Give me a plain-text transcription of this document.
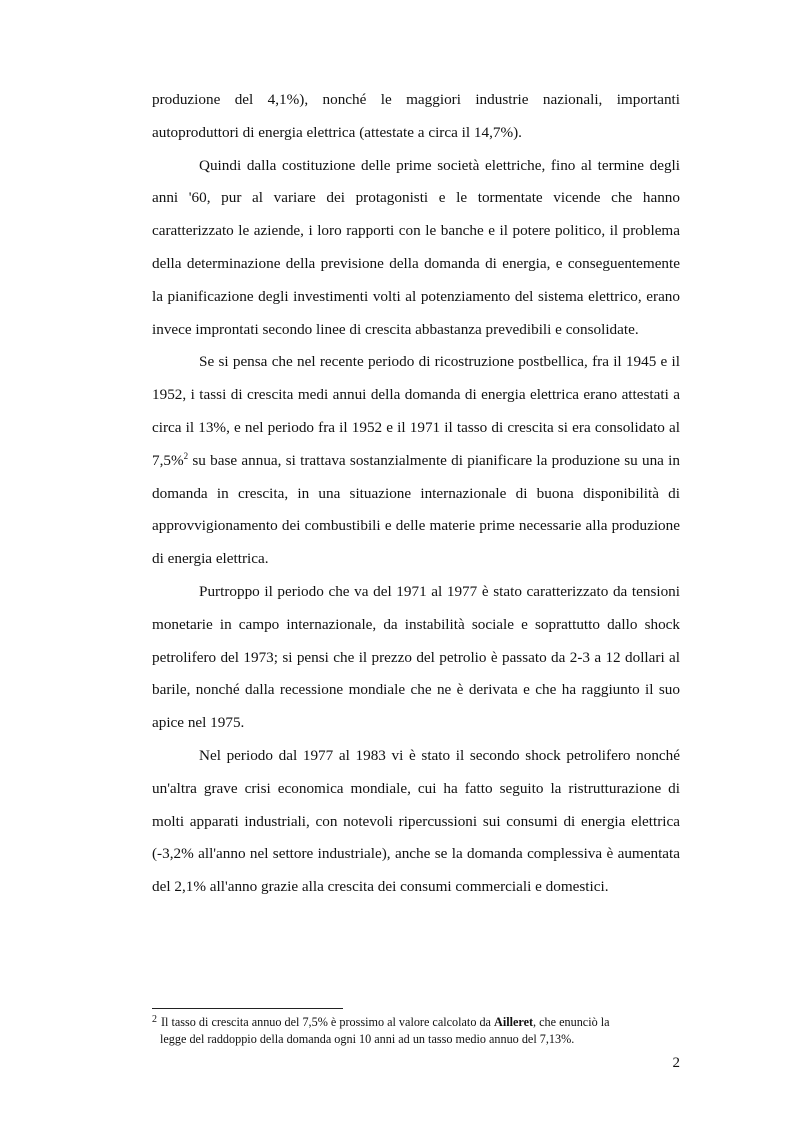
produzione del 4,1%), nonché le maggiori industrie nazionali, importanti autoproduttori di energia elettrica (attestate a circa il 14,7%).

Quindi dalla costituzione delle prime società elettriche, fino al termine degli anni '60, pur al variare dei protagonisti e le tormentate vicende che hanno caratterizzato le aziende, i loro rapporti con le banche e il potere politico, il problema della determinazione della previsione della domanda di energia, e conseguentemente la pianificazione degli investimenti volti al potenziamento del sistema elettrico, erano invece improntati secondo linee di crescita abbastanza prevedibili e consolidate.

Se si pensa che nel recente periodo di ricostruzione postbellica, fra il 1945 e il 1952, i tassi di crescita medi annui della domanda di energia elettrica erano attestati a circa il 13%, e nel periodo fra il 1952 e il 1971 il tasso di crescita si era consolidato al 7,5%$^2$ su base annua, si trattava sostanzialmente di pianificare la produzione su una in domanda in crescita, in una situazione internazionale di buona disponibilità di approvvigionamento dei combustibili e delle materie prime necessarie alla produzione di energia elettrica.

Purtroppo il periodo che va del 1971 al 1977 è stato caratterizzato da tensioni monetarie in campo internazionale, da instabilità sociale e soprattutto dallo shock petrolifero del 1973; si pensi che il prezzo del petrolio è passato da 2-3 a 12 dollari al barile, nonché dalla recessione mondiale che ne è derivata e che ha raggiunto il suo apice nel 1975.

Nel periodo dal 1977 al 1983 vi è stato il secondo shock petrolifero nonché un'altra grave crisi economica mondiale, cui ha fatto seguito la ristrutturazione di molti apparati industriali, con notevoli ripercussioni sui consumi di energia elettrica (-3,2% all'anno nel settore industriale), anche se la domanda complessiva è aumentata del 2,1% all'anno grazie alla crescita dei consumi commerciali e domestici.

$^2$ Il tasso di crescita annuo del 7,5% è prossimo al valore calcolato da Ailleret, che enunciò la
legge del raddoppio della domanda ogni 10 anni ad un tasso medio annuo del 7,13%.
2
